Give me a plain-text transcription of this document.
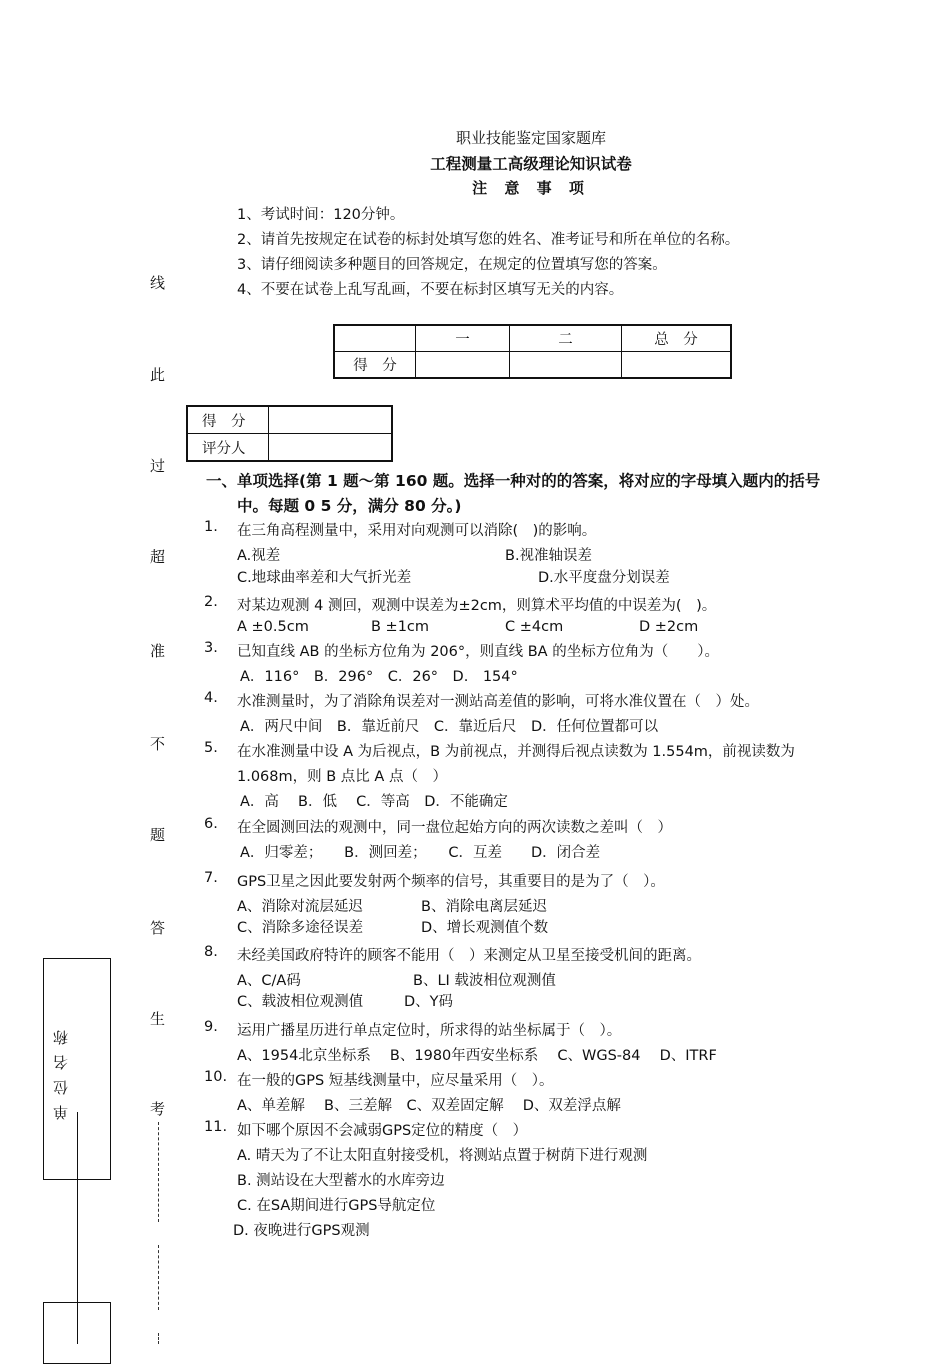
职业技能鉴定国家题库
工程测量工高级理论知识试卷
注 意 事 项
1、考试时间：120分钟。
2、请首先按规定在试卷的标封处填写您的姓名、准考证号和所在单位的名称。
3、请仔细阅读多种题目的回答规定，在规定的位置填写您的答案。
4、不要在试卷上乱写乱画，不要在标封区填写无关的内容。
	一	二	总　分
得　分			
得　分	
评分人	
线
此
过
超
准
不
题
答
生
考
单位名称
一、单项选择(第 1 题～第 160 题。选择一种对的的答案，将对应的字母填入题内的括号
中。每题 0 5 分，满分 80 分。)
1. 在三角高程测量中，采用对向观测可以消除(　)的影响。
A.视差	B.视准轴误差
C.地球曲率差和大气折光差	D.水平度盘分划误差
2. 对某边观测 4 测回，观测中误差为±2cm，则算术平均值的中误差为(　)。
A ±0.5cm	B ±1cm	C ±4cm	D ±2cm
3. 已知直线 AB 的坐标方位角为 206°，则直线 BA 的坐标方位角为（　　）。
A．116°　B．296°　C．26°　D.　154°
4. 水准测量时，为了消除角误差对一测站高差值的影响，可将水准仪置在（　）处。
A．两尺中间　B．靠近前尺　C．靠近后尺　D．任何位置都可以
5. 在水准测量中设 A 为后视点，B 为前视点，并测得后视点读数为 1.554m，前视读数为
1.068m，则 B 点比 A 点（　）
A．高　 B．低　 C．等高　D．不能确定
6. 在全圆测回法的观测中，同一盘位起始方向的两次读数之差叫（　）
A．归零差；　　B．测回差；　　C．互差　　D．闭合差
7. GPS卫星之因此要发射两个频率的信号，其重要目的是为了（　）。
A、消除对流层延迟	B、消除电离层延迟
C、消除多途径误差	D、增长观测值个数
8. 未经美国政府特许的顾客不能用（　）来测定从卫星至接受机间的距离。
A、C/A码	B、LⅠ 载波相位观测值
C、载波相位观测值	D、Y码
9. 运用广播星历进行单点定位时，所求得的站坐标属于（　）。
A、1954北京坐标系　 B、1980年西安坐标系　 C、WGS-84　 D、ITRF
10. 在一般的GPS 短基线测量中，应尽量采用（　）。
A、单差解　 B、三差解　C、双差固定解　 D、双差浮点解
11. 如下哪个原因不会减弱GPS定位的精度（　）
A. 晴天为了不让太阳直射接受机，将测站点置于树荫下进行观测
B. 测站设在大型蓄水的水库旁边
C. 在SA期间进行GPS导航定位
D. 夜晚进行GPS观测
